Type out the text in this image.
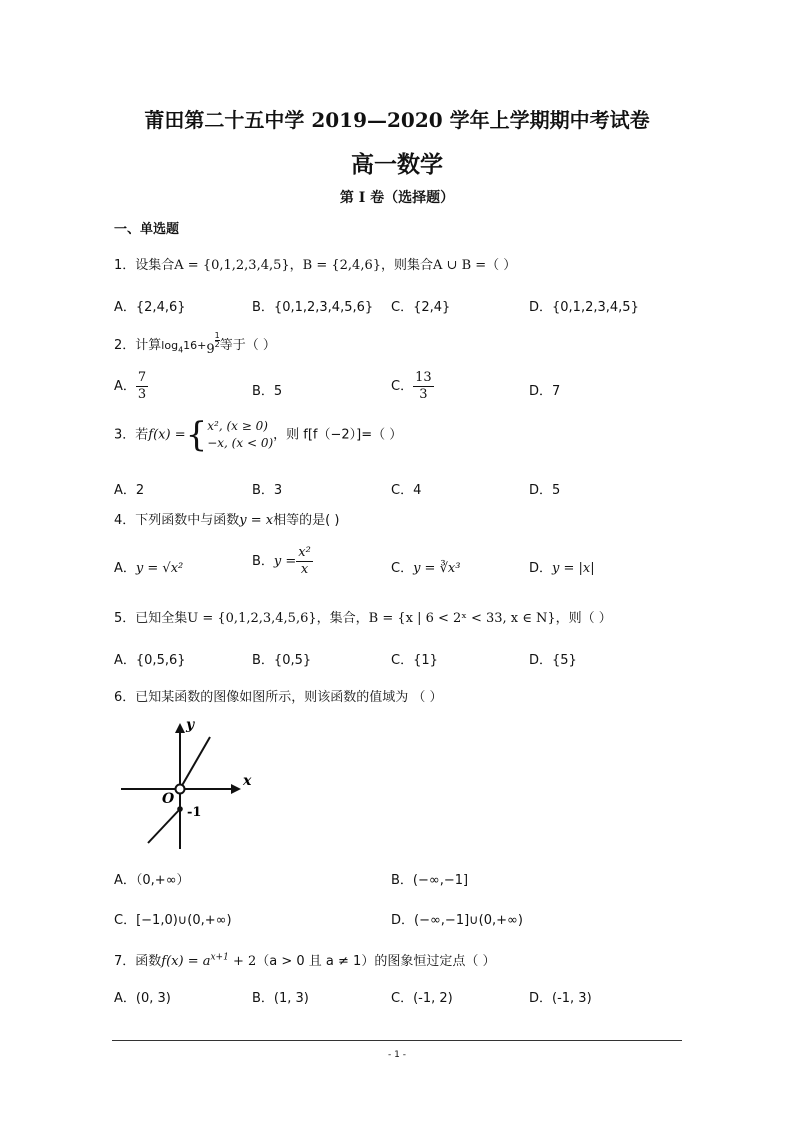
莆田第二十五中学 2019—2020 学年上学期期中考试卷
高一数学
第 I 卷（选择题）
一、单选题
1．设集合A = {0,1,2,3,4,5}，B = {2,4,6}，则集合A ∪ B =（ ）
A．{2,4,6}	B．{0,1,2,3,4,5,6} C．{2,4}	D．{0,1,2,3,4,5}
2．计算$\log_416+9$
$\frac{1}{2}$ 等于（ ）
A． $\frac{7}{3}$	B．5	C． $\frac{13}{3}$	D．7
3．若f(x) ={ x², (x ≥ 0)
−x, (x < 0)
，则 f[f（−2）]=（ ）
A．2	B．3	C．4	D．5
4．下列函数中与函数y = x相等的是( )
A．y = √x²	B．$y = \frac{\text{x²}}{x}$	C．y = ∛x³	D．y = |x|
5．已知全集U = {0,1,2,3,4,5,6}，集合，B = {x | 6 < 2ˣ < 33, x ∈ N}，则（ ）
A．{0,5,6}	B．{0,5}	C．{1}	D．{5}
6．已知某函数的图像如图所示，则该函数的值域为 （ ）
x
y
O
-1
A．（0,+∞）	B．(−∞,−1]
C．[−1,0)∪(0,+∞)	D．(−∞,−1]∪(0,+∞)
7．函数$f(x) = a^{x+1} + 2(a > 0$ 且 a ≠ 1）的图象恒过定点（ ）
A．(0, 3)	B．(1, 3)	C．(-1, 2)	D．(-1, 3)
- 1 -
